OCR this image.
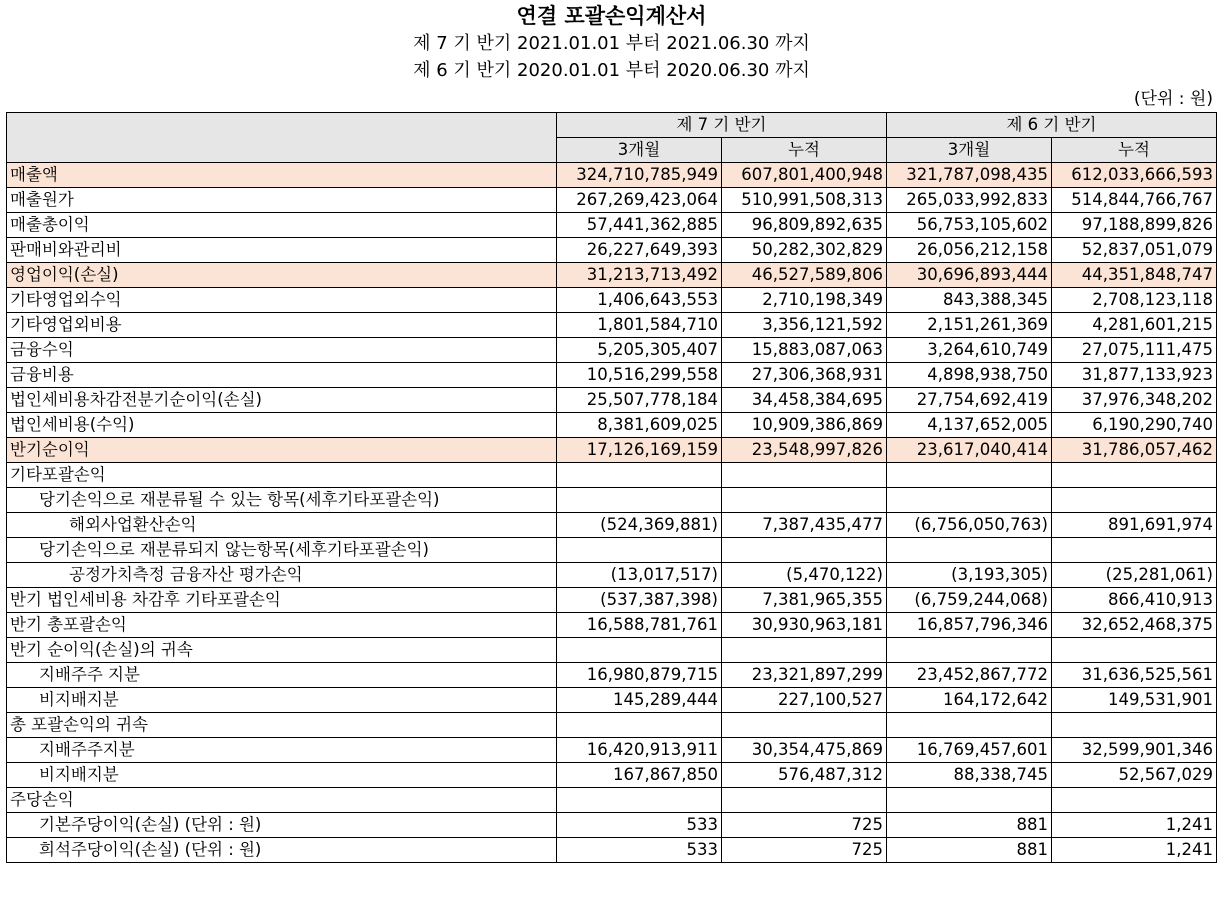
연결 포괄손익계산서
제 7 기 반기 2021.01.01 부터 2021.06.30 까지
제 6 기 반기 2020.01.01 부터 2020.06.30 까지
(단위 : 원)
	제 7 기 반기		제 6 기 반기	
	3개월	누적	3개월	누적
매출액	324,710,785,949	607,801,400,948	321,787,098,435	612,033,666,593
매출원가	267,269,423,064	510,991,508,313	265,033,992,833	514,844,766,767
매출총이익	57,441,362,885	96,809,892,635	56,753,105,602	97,188,899,826
판매비와관리비	26,227,649,393	50,282,302,829	26,056,212,158	52,837,051,079
영업이익(손실)	31,213,713,492	46,527,589,806	30,696,893,444	44,351,848,747
기타영업외수익	1,406,643,553	2,710,198,349	843,388,345	2,708,123,118
기타영업외비용	1,801,584,710	3,356,121,592	2,151,261,369	4,281,601,215
금융수익	5,205,305,407	15,883,087,063	3,264,610,749	27,075,111,475
금융비용	10,516,299,558	27,306,368,931	4,898,938,750	31,877,133,923
법인세비용차감전분기순이익(손실)	25,507,778,184	34,458,384,695	27,754,692,419	37,976,348,202
법인세비용(수익)	8,381,609,025	10,909,386,869	4,137,652,005	6,190,290,740
반기순이익	17,126,169,159	23,548,997,826	23,617,040,414	31,786,057,462
기타포괄손익				
당기손익으로 재분류될 수 있는 항목(세후기타포괄손익)				
해외사업환산손익	(524,369,881)	7,387,435,477	(6,756,050,763)	891,691,974
당기손익으로 재분류되지 않는항목(세후기타포괄손익)				
공정가치측정 금융자산 평가손익	(13,017,517)	(5,470,122)	(3,193,305)	(25,281,061)
반기 법인세비용 차감후 기타포괄손익	(537,387,398)	7,381,965,355	(6,759,244,068)	866,410,913
반기 총포괄손익	16,588,781,761	30,930,963,181	16,857,796,346	32,652,468,375
반기 순이익(손실)의 귀속				
지배주주 지분	16,980,879,715	23,321,897,299	23,452,867,772	31,636,525,561
비지배지분	145,289,444	227,100,527	164,172,642	149,531,901
총 포괄손익의 귀속				
지배주주지분	16,420,913,911	30,354,475,869	16,769,457,601	32,599,901,346
비지배지분	167,867,850	576,487,312	88,338,745	52,567,029
주당손익				
기본주당이익(손실) (단위 : 원)	533	725	881	1,241
희석주당이익(손실) (단위 : 원)	533	725	881	1,241
